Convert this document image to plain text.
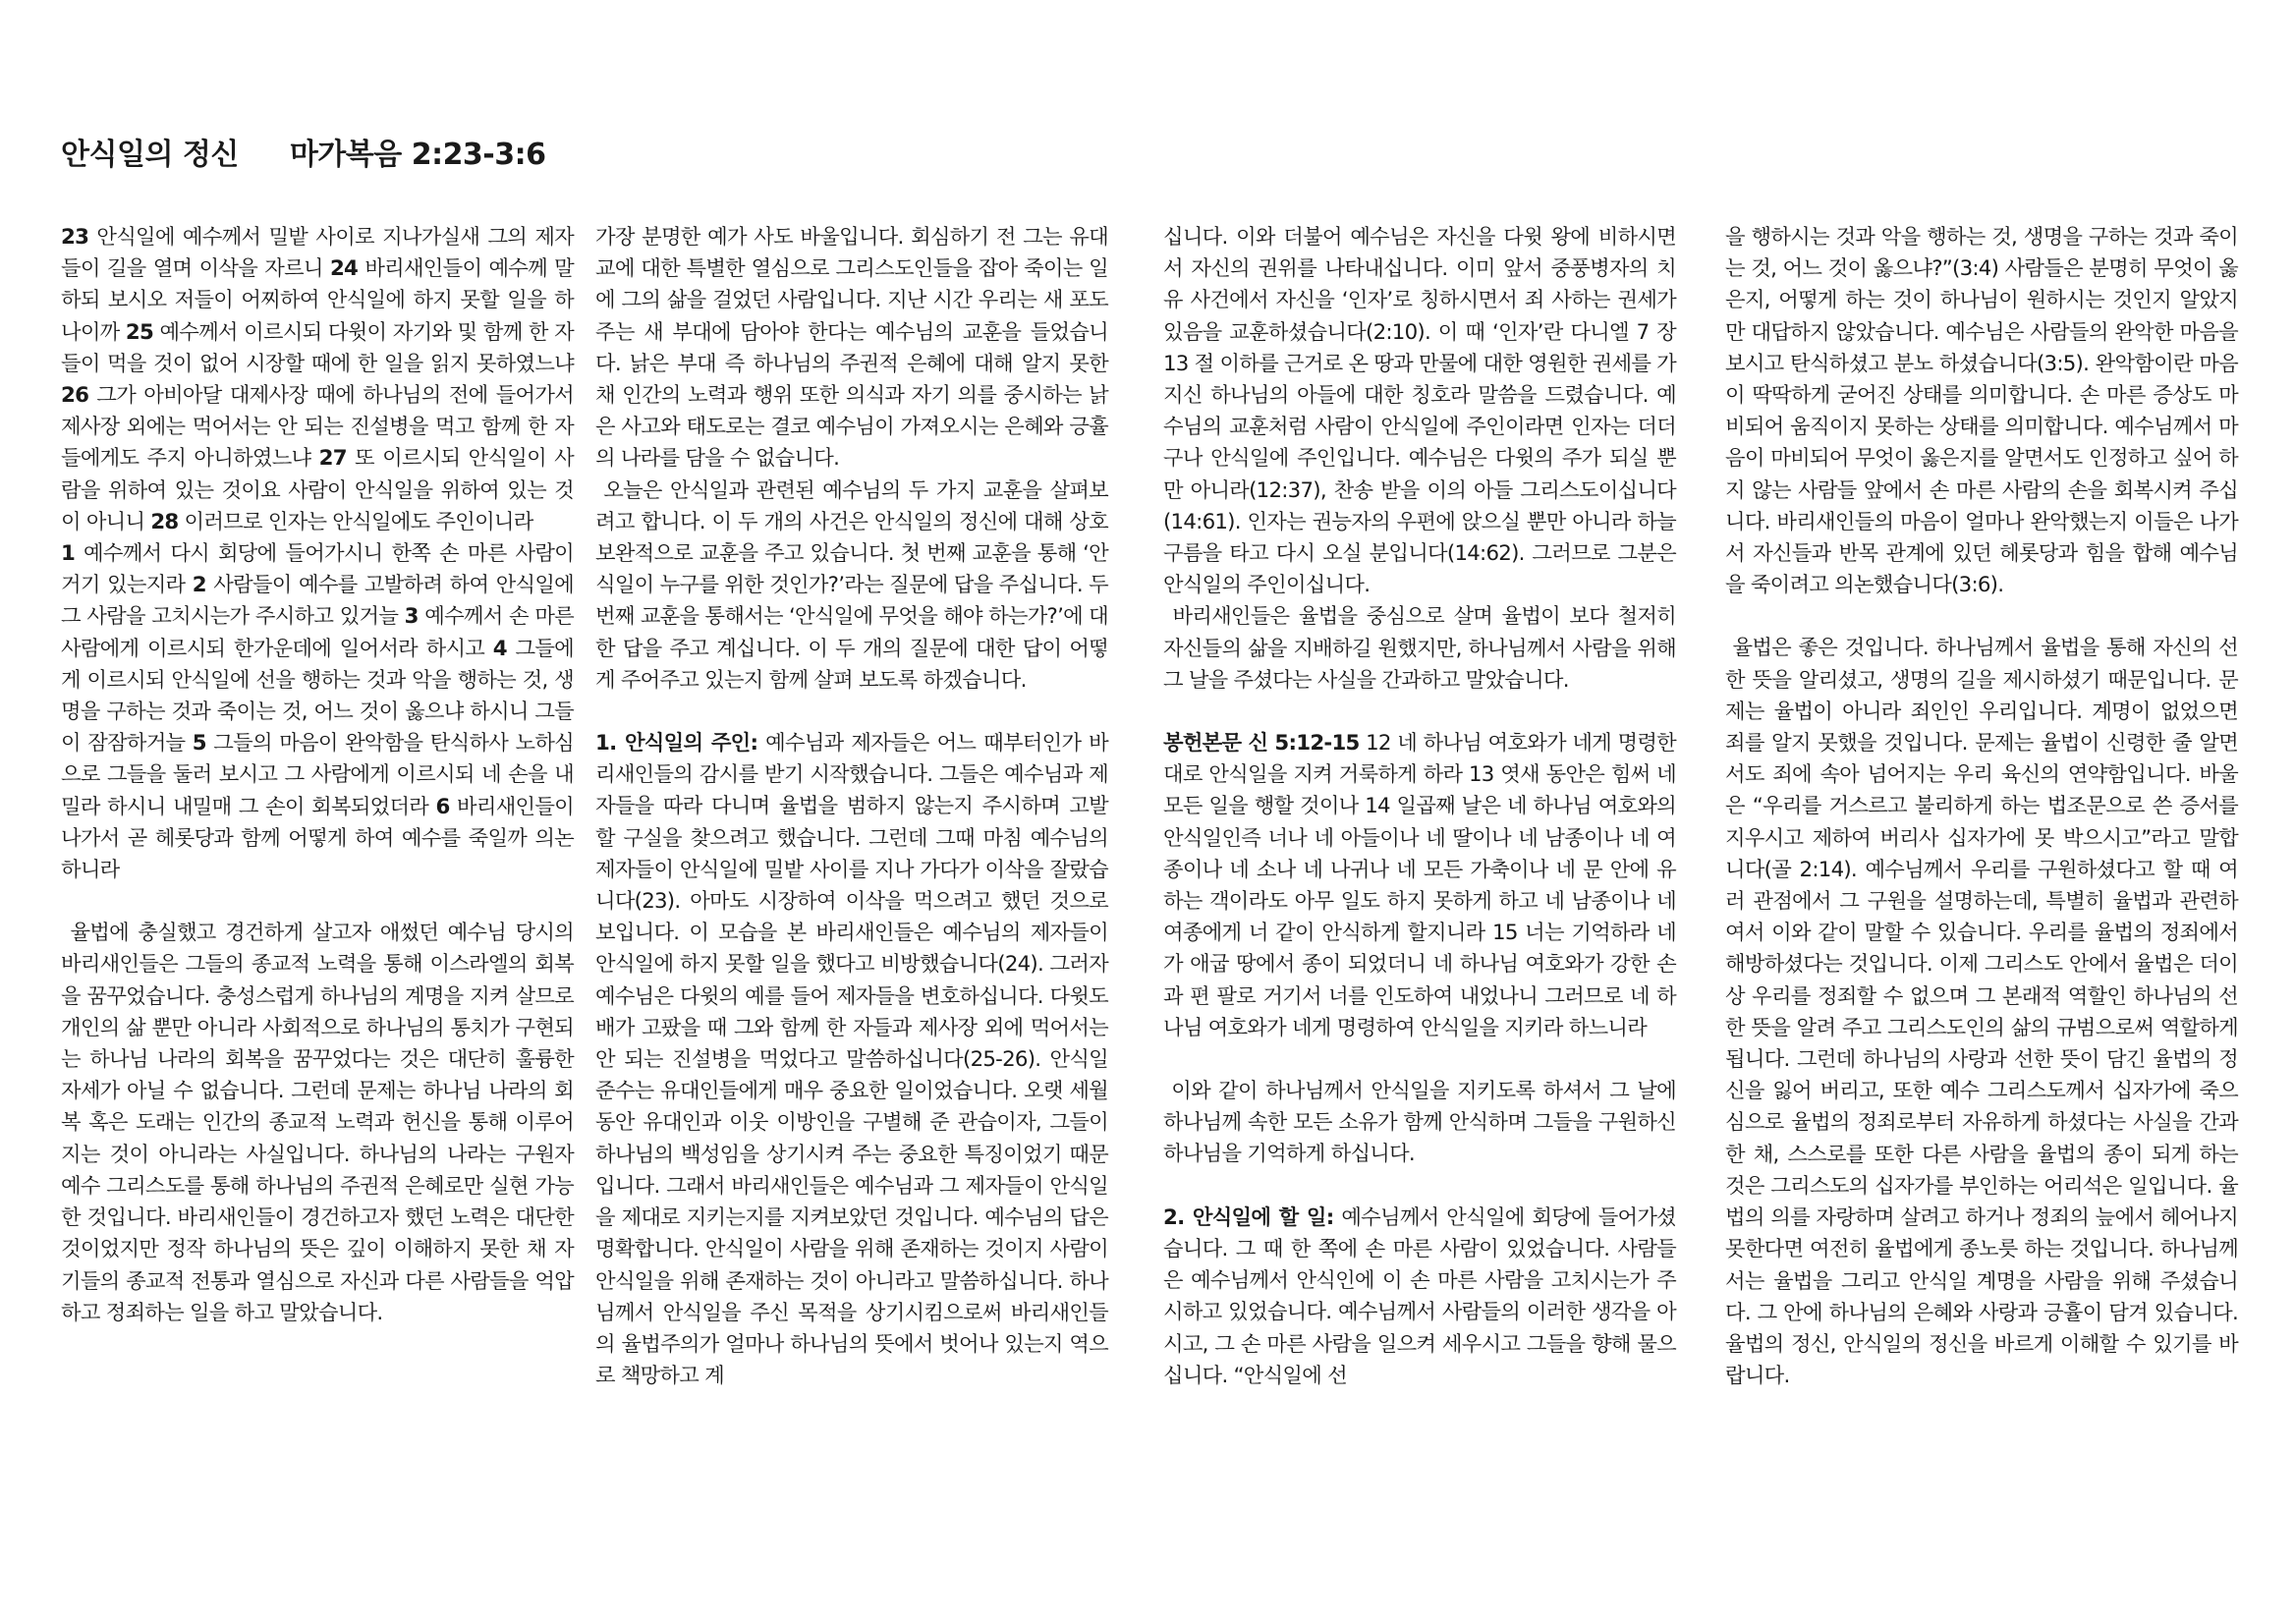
안식일의 정신 마가복음 2:23-3:6

23 안식일에 예수께서 밀밭 사이로 지나가실새 그의 제자들이 길을 열며 이삭을 자르니 24 바리새인들이 예수께 말하되 보시오 저들이 어찌하여 안식일에 하지 못할 일을 하나이까 25 예수께서 이르시되 다윗이 자기와 및 함께 한 자들이 먹을 것이 없어 시장할 때에 한 일을 읽지 못하였느냐 26 그가 아비아달 대제사장 때에 하나님의 전에 들어가서 제사장 외에는 먹어서는 안 되는 진설병을 먹고 함께 한 자들에게도 주지 아니하였느냐 27 또 이르시되 안식일이 사람을 위하여 있는 것이요 사람이 안식일을 위하여 있는 것이 아니니 28 이러므로 인자는 안식일에도 주인이니라

1 예수께서 다시 회당에 들어가시니 한쪽 손 마른 사람이 거기 있는지라 2 사람들이 예수를 고발하려 하여 안식일에 그 사람을 고치시는가 주시하고 있거늘 3 예수께서 손 마른 사람에게 이르시되 한가운데에 일어서라 하시고 4 그들에게 이르시되 안식일에 선을 행하는 것과 악을 행하는 것, 생명을 구하는 것과 죽이는 것, 어느 것이 옳으냐 하시니 그들이 잠잠하거늘 5 그들의 마음이 완악함을 탄식하사 노하심으로 그들을 둘러 보시고 그 사람에게 이르시되 네 손을 내밀라 하시니 내밀매 그 손이 회복되었더라 6 바리새인들이 나가서 곧 헤롯당과 함께 어떻게 하여 예수를 죽일까 의논하니라

율법에 충실했고 경건하게 살고자 애썼던 예수님 당시의 바리새인들은 그들의 종교적 노력을 통해 이스라엘의 회복을 꿈꾸었습니다. 충성스럽게 하나님의 계명을 지켜 살므로 개인의 삶 뿐만 아니라 사회적으로 하나님의 통치가 구현되는 하나님 나라의 회복을 꿈꾸었다는 것은 대단히 훌륭한 자세가 아닐 수 없습니다. 그런데 문제는 하나님 나라의 회복 혹은 도래는 인간의 종교적 노력과 헌신을 통해 이루어지는 것이 아니라는 사실입니다. 하나님의 나라는 구원자 예수 그리스도를 통해 하나님의 주권적 은혜로만 실현 가능한 것입니다. 바리새인들이 경건하고자 했던 노력은 대단한 것이었지만 정작 하나님의 뜻은 깊이 이해하지 못한 채 자기들의 종교적 전통과 열심으로 자신과 다른 사람들을 억압하고 정죄하는 일을 하고 말았습니다.

가장 분명한 예가 사도 바울입니다. 회심하기 전 그는 유대교에 대한 특별한 열심으로 그리스도인들을 잡아 죽이는 일에 그의 삶을 걸었던 사람입니다. 지난 시간 우리는 새 포도주는 새 부대에 담아야 한다는 예수님의 교훈을 들었습니다. 낡은 부대 즉 하나님의 주권적 은혜에 대해 알지 못한 채 인간의 노력과 행위 또한 의식과 자기 의를 중시하는 낡은 사고와 태도로는 결코 예수님이 가져오시는 은혜와 긍휼의 나라를 담을 수 없습니다.

오늘은 안식일과 관련된 예수님의 두 가지 교훈을 살펴보려고 합니다. 이 두 개의 사건은 안식일의 정신에 대해 상호보완적으로 교훈을 주고 있습니다. 첫 번째 교훈을 통해 ‘안식일이 누구를 위한 것인가?’라는 질문에 답을 주십니다. 두 번째 교훈을 통해서는 ‘안식일에 무엇을 해야 하는가?’에 대한 답을 주고 계십니다. 이 두 개의 질문에 대한 답이 어떻게 주어주고 있는지 함께 살펴 보도록 하겠습니다.

1. 안식일의 주인: 예수님과 제자들은 어느 때부터인가 바리새인들의 감시를 받기 시작했습니다. 그들은 예수님과 제자들을 따라 다니며 율법을 범하지 않는지 주시하며 고발 할 구실을 찾으려고 했습니다. 그런데 그때 마침 예수님의 제자들이 안식일에 밀밭 사이를 지나 가다가 이삭을 잘랐습니다(23). 아마도 시장하여 이삭을 먹으려고 했던 것으로 보입니다. 이 모습을 본 바리새인들은 예수님의 제자들이 안식일에 하지 못할 일을 했다고 비방했습니다(24). 그러자 예수님은 다윗의 예를 들어 제자들을 변호하십니다. 다윗도 배가 고팠을 때 그와 함께 한 자들과 제사장 외에 먹어서는 안 되는 진설병을 먹었다고 말씀하십니다(25-26). 안식일 준수는 유대인들에게 매우 중요한 일이었습니다. 오랫 세월 동안 유대인과 이웃 이방인을 구별해 준 관습이자, 그들이 하나님의 백성임을 상기시켜 주는 중요한 특징이었기 때문입니다. 그래서 바리새인들은 예수님과 그 제자들이 안식일을 제대로 지키는지를 지켜보았던 것입니다. 예수님의 답은 명확합니다. 안식일이 사람을 위해 존재하는 것이지 사람이 안식일을 위해 존재하는 것이 아니라고 말씀하십니다. 하나님께서 안식일을 주신 목적을 상기시킴으로써 바리새인들의 율법주의가 얼마나 하나님의 뜻에서 벗어나 있는지 역으로 책망하고 계

십니다. 이와 더불어 예수님은 자신을 다윗 왕에 비하시면서 자신의 권위를 나타내십니다. 이미 앞서 중풍병자의 치유 사건에서 자신을 ‘인자’로 칭하시면서 죄 사하는 권세가 있음을 교훈하셨습니다(2:10). 이 때 ‘인자’란 다니엘 7 장 13 절 이하를 근거로 온 땅과 만물에 대한 영원한 권세를 가지신 하나님의 아들에 대한 칭호라 말씀을 드렸습니다. 예수님의 교훈처럼 사람이 안식일에 주인이라면 인자는 더더구나 안식일에 주인입니다. 예수님은 다윗의 주가 되실 뿐만 아니라(12:37), 찬송 받을 이의 아들 그리스도이십니다(14:61). 인자는 권능자의 우편에 앉으실 뿐만 아니라 하늘 구름을 타고 다시 오실 분입니다(14:62). 그러므로 그분은 안식일의 주인이십니다.

바리새인들은 율법을 중심으로 살며 율법이 보다 철저히 자신들의 삶을 지배하길 원했지만, 하나님께서 사람을 위해 그 날을 주셨다는 사실을 간과하고 말았습니다.

봉헌본문 신 5:12-15 12 네 하나님 여호와가 네게 명령한 대로 안식일을 지켜 거룩하게 하라 13 엿새 동안은 힘써 네 모든 일을 행할 것이나 14 일곱째 날은 네 하나님 여호와의 안식일인즉 너나 네 아들이나 네 딸이나 네 남종이나 네 여종이나 네 소나 네 나귀나 네 모든 가축이나 네 문 안에 유하는 객이라도 아무 일도 하지 못하게 하고 네 남종이나 네 여종에게 너 같이 안식하게 할지니라 15 너는 기억하라 네가 애굽 땅에서 종이 되었더니 네 하나님 여호와가 강한 손과 편 팔로 거기서 너를 인도하여 내었나니 그러므로 네 하나님 여호와가 네게 명령하여 안식일을 지키라 하느니라

이와 같이 하나님께서 안식일을 지키도록 하셔서 그 날에 하나님께 속한 모든 소유가 함께 안식하며 그들을 구원하신 하나님을 기억하게 하십니다.

2. 안식일에 할 일: 예수님께서 안식일에 회당에 들어가셨습니다. 그 때 한 쪽에 손 마른 사람이 있었습니다. 사람들은 예수님께서 안식인에 이 손 마른 사람을 고치시는가 주시하고 있었습니다. 예수님께서 사람들의 이러한 생각을 아시고, 그 손 마른 사람을 일으켜 세우시고 그들을 향해 물으십니다. “안식일에 선

을 행하시는 것과 악을 행하는 것, 생명을 구하는 것과 죽이는 것, 어느 것이 옳으냐?”(3:4) 사람들은 분명히 무엇이 옳은지, 어떻게 하는 것이 하나님이 원하시는 것인지 알았지만 대답하지 않았습니다. 예수님은 사람들의 완악한 마음을 보시고 탄식하셨고 분노 하셨습니다(3:5). 완악함이란 마음이 딱딱하게 굳어진 상태를 의미합니다. 손 마른 증상도 마비되어 움직이지 못하는 상태를 의미합니다. 예수님께서 마음이 마비되어 무엇이 옳은지를 알면서도 인정하고 싶어 하지 않는 사람들 앞에서 손 마른 사람의 손을 회복시켜 주십니다. 바리새인들의 마음이 얼마나 완악했는지 이들은 나가서 자신들과 반목 관계에 있던 헤롯당과 힘을 합해 예수님을 죽이려고 의논했습니다(3:6).

율법은 좋은 것입니다. 하나님께서 율법을 통해 자신의 선한 뜻을 알리셨고, 생명의 길을 제시하셨기 때문입니다. 문제는 율법이 아니라 죄인인 우리입니다. 계명이 없었으면 죄를 알지 못했을 것입니다. 문제는 율법이 신령한 줄 알면서도 죄에 속아 넘어지는 우리 육신의 연약함입니다. 바울은 “우리를 거스르고 불리하게 하는 법조문으로 쓴 증서를 지우시고 제하여 버리사 십자가에 못 박으시고”라고 말합니다(골 2:14). 예수님께서 우리를 구원하셨다고 할 때 여러 관점에서 그 구원을 설명하는데, 특별히 율법과 관련하여서 이와 같이 말할 수 있습니다. 우리를 율법의 정죄에서 해방하셨다는 것입니다. 이제 그리스도 안에서 율법은 더이상 우리를 정죄할 수 없으며 그 본래적 역할인 하나님의 선한 뜻을 알려 주고 그리스도인의 삶의 규범으로써 역할하게 됩니다. 그런데 하나님의 사랑과 선한 뜻이 담긴 율법의 정신을 잃어 버리고, 또한 예수 그리스도께서 십자가에 죽으심으로 율법의 정죄로부터 자유하게 하셨다는 사실을 간과한 채, 스스로를 또한 다른 사람을 율법의 종이 되게 하는 것은 그리스도의 십자가를 부인하는 어리석은 일입니다. 율법의 의를 자랑하며 살려고 하거나 정죄의 늪에서 헤어나지 못한다면 여전히 율법에게 종노릇 하는 것입니다. 하나님께서는 율법을 그리고 안식일 계명을 사람을 위해 주셨습니다. 그 안에 하나님의 은혜와 사랑과 긍휼이 담겨 있습니다. 율법의 정신, 안식일의 정신을 바르게 이해할 수 있기를 바랍니다.
